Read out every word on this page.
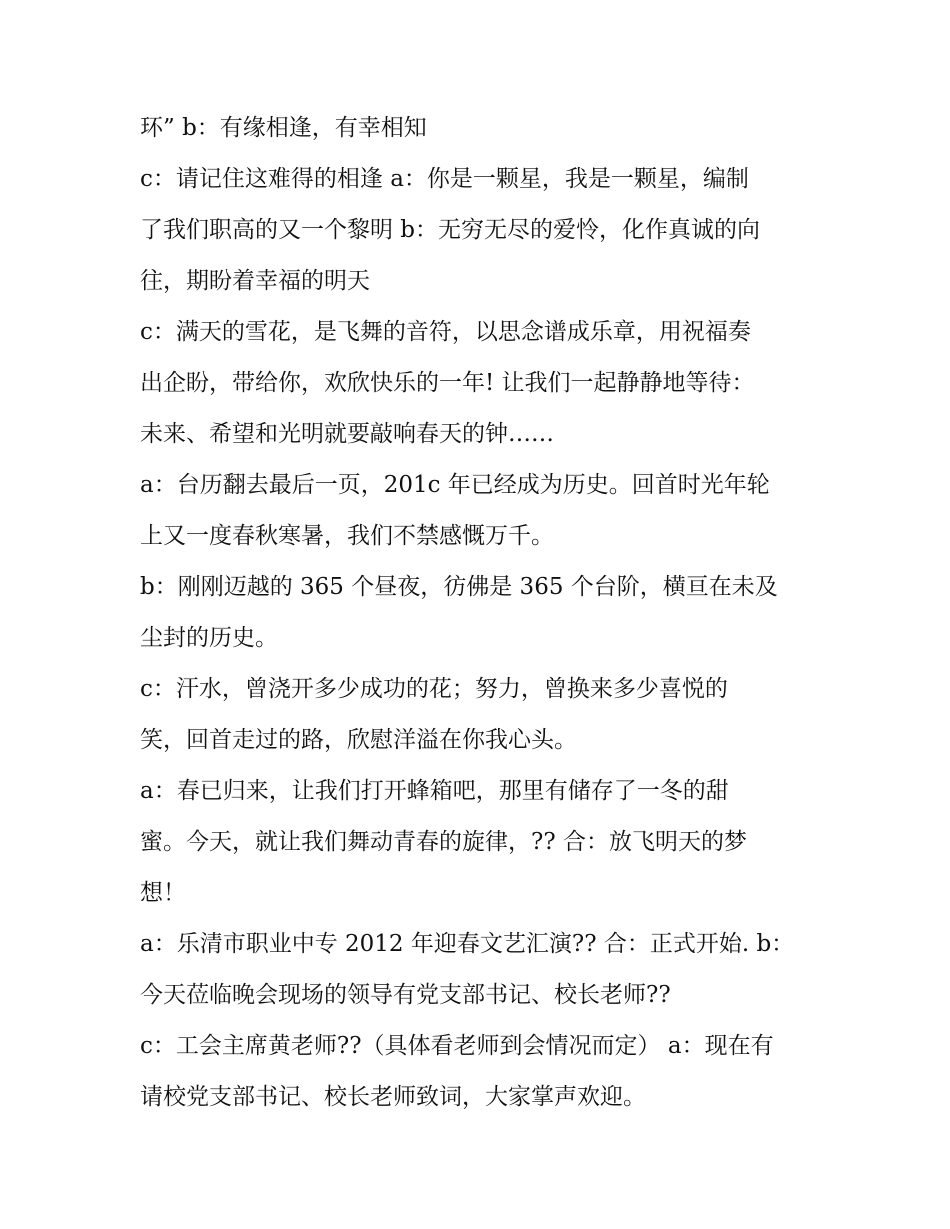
环” b：有缘相逢，有幸相知
c：请记住这难得的相逢 a：你是一颗星，我是一颗星，编制
了我们职高的又一个黎明 b：无穷无尽的爱怜，化作真诚的向
往，期盼着幸福的明天
c：满天的雪花，是飞舞的音符，以思念谱成乐章，用祝福奏
出企盼，带给你，欢欣快乐的一年! 让我们一起静静地等待：
未来、希望和光明就要敲响春天的钟……
a：台历翻去最后一页，201c 年已经成为历史。回首时光年轮
上又一度春秋寒暑，我们不禁感慨万千。
b：刚刚迈越的 365 个昼夜，彷佛是 365 个台阶，横亘在未及
尘封的历史。
c：汗水，曾浇开多少成功的花；努力，曾换来多少喜悦的
笑，回首走过的路，欣慰洋溢在你我心头。
a：春已归来，让我们打开蜂箱吧，那里有储存了一冬的甜
蜜。今天，就让我们舞动青春的旋律，?? 合：放飞明天的梦
想！
a：乐清市职业中专 2012 年迎春文艺汇演?? 合：正式开始. b：
今天莅临晚会现场的领导有党支部书记、校长老师??
c：工会主席黄老师??（具体看老师到会情况而定） a：现在有
请校党支部书记、校长老师致词，大家掌声欢迎。
